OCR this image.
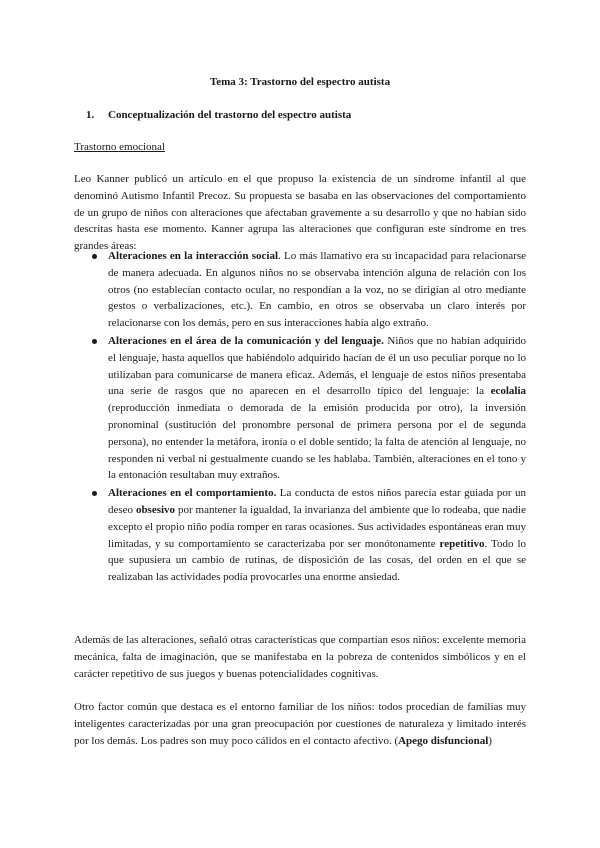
Tema 3: Trastorno del espectro autista
1. Conceptualización del trastorno del espectro autista
Trastorno emocional

Leo Kanner publicó un artículo en el que propuso la existencia de un síndrome infantil al que denominó Autismo Infantil Precoz. Su propuesta se basaba en las observaciones del comportamiento de un grupo de niños con alteraciones que afectaban gravemente a su desarrollo y que no habían sido descritas hasta ese momento. Kanner agrupa las alteraciones que configuran este síndrome en tres grandes áreas:

Alteraciones en la interacción social. Lo más llamativo era su incapacidad para relacionarse de manera adecuada. En algunos niños no se observaba intención alguna de relación con los otros (no establecían contacto ocular, no respondían a la voz, no se dirigían al otro mediante gestos o verbalizaciones, etc.). En cambio, en otros se observaba un claro interés por relacionarse con los demás, pero en sus interacciones había algo extraño.
Alteraciones en el área de la comunicación y del lenguaje. Niños que no habían adquirido el lenguaje, hasta aquellos que habiéndolo adquirido hacían de él un uso peculiar porque no lo utilizaban para comunicarse de manera eficaz. Además, el lenguaje de estos niños presentaba una serie de rasgos que no aparecen en el desarrollo típico del lenguaje: la ecolalia (reproducción inmediata o demorada de la emisión producida por otro), la inversión pronominal (sustitución del pronombre personal de primera persona por el de segunda persona), no entender la metáfora, ironía o el doble sentido; la falta de atención al lenguaje, no responden ni verbal ni gestualmente cuando se les hablaba. También, alteraciones en el tono y la entonación resultaban muy extraños.
Alteraciones en el comportamiento. La conducta de estos niños parecía estar guiada por un deseo obsesivo por mantener la igualdad, la invarianza del ambiente que lo rodeaba, que nadie excepto el propio niño podía romper en raras ocasiones. Sus actividades espontáneas eran muy limitadas, y su comportamiento se caracterizaba por ser monótonamente repetitivo. Todo lo que supusiera un cambio de rutinas, de disposición de las cosas, del orden en el que se realizaban las actividades podía provocarles una enorme ansiedad.

Además de las alteraciones, señaló otras características que compartían esos niños: excelente memoria mecánica, falta de imaginación, que se manifestaba en la pobreza de contenidos simbólicos y en el carácter repetitivo de sus juegos y buenas potencialidades cognitivas.

Otro factor común que destaca es el entorno familiar de los niños: todos procedían de familias muy inteligentes caracterizadas por una gran preocupación por cuestiones de naturaleza y limitado interés por los demás. Los padres son muy poco cálidos en el contacto afectivo. (Apego disfuncional)
